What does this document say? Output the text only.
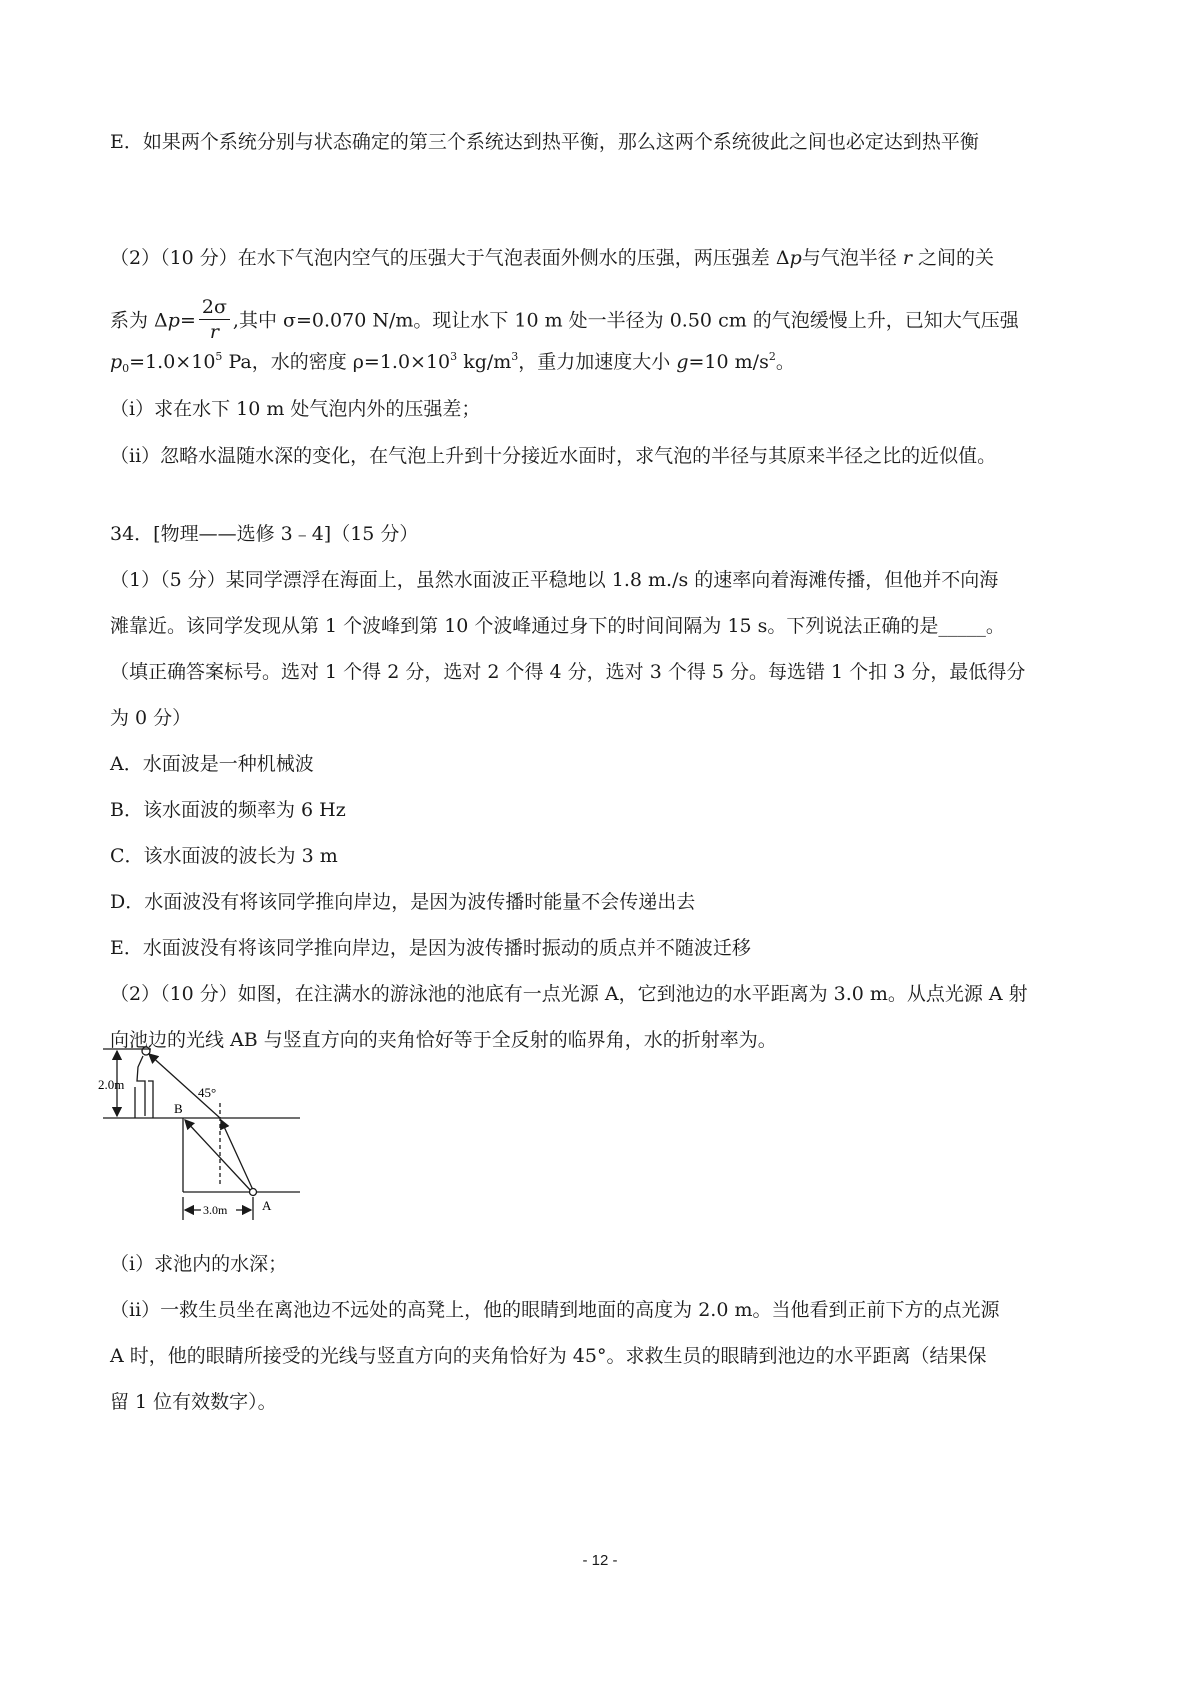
E．如果两个系统分别与状态确定的第三个系统达到热平衡，那么这两个系统彼此之间也必定达到热平衡
（2）（10 分）在水下气泡内空气的压强大于气泡表面外侧水的压强，两压强差 Δp与气泡半径 r 之间的关
系为 $\Delta p= \frac{2\sigma}{r}$ ,其中 σ=0.070 N/m。现让水下 10 m 处一半径为 0.50 cm 的气泡缓慢上升，已知大气压强
$p_0=1.0\times 10^5$ Pa，水的密度 $\rho=1.0\times 10^3$ $kg/m^3$，重力加速度大小 g=10 $m/s^2$。
（i）求在水下 10 m 处气泡内外的压强差；
（ii）忽略水温随水深的变化，在气泡上升到十分接近水面时，求气泡的半径与其原来半径之比的近似值。
34．[物理——选修 3﹣4]（15 分）
（1）（5 分）某同学漂浮在海面上，虽然水面波正平稳地以 1.8 m./s 的速率向着海滩传播，但他并不向海
滩靠近。该同学发现从第 1 个波峰到第 10 个波峰通过身下的时间间隔为 15 s。下列说法正确的是_____。
（填正确答案标号。选对 1 个得 2 分，选对 2 个得 4 分，选对 3 个得 5 分。每选错 1 个扣 3 分，最低得分
为 0 分）
A．水面波是一种机械波
B．该水面波的频率为 6 Hz
C．该水面波的波长为 3 m
D．水面波没有将该同学推向岸边，是因为波传播时能量不会传递出去
E．水面波没有将该同学推向岸边，是因为波传播时振动的质点并不随波迁移
（2）（10 分）如图，在注满水的游泳池的池底有一点光源 A，它到池边的水平距离为 3.0 m。从点光源 A 射
向池边的光线 AB 与竖直方向的夹角恰好等于全反射的临界角，水的折射率为。
2.0m
45°
B
A
3.0m
（i）求池内的水深；
（ii）一救生员坐在离池边不远处的高凳上，他的眼睛到地面的高度为 2.0 m。当他看到正前下方的点光源
A 时，他的眼睛所接受的光线与竖直方向的夹角恰好为 45°。求救生员的眼睛到池边的水平距离（结果保
留 1 位有效数字）。
- 12 -
